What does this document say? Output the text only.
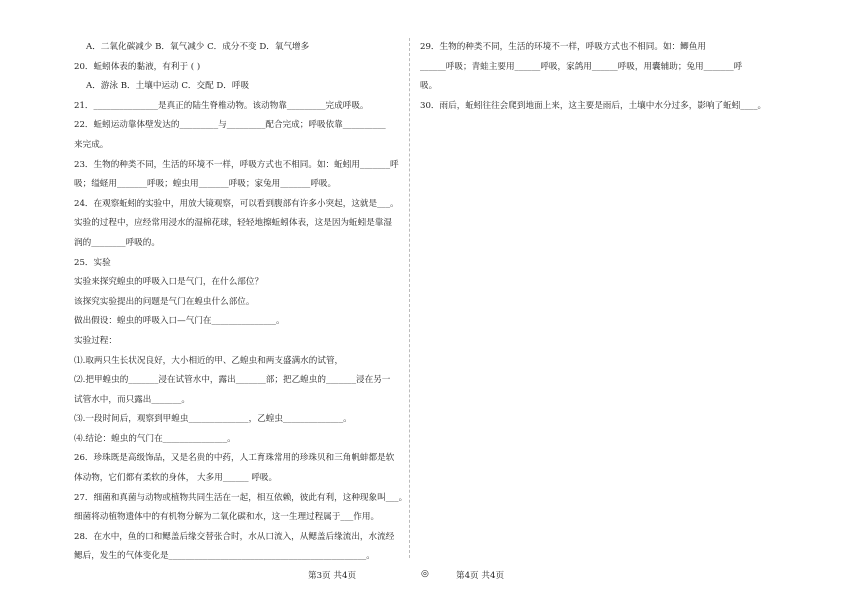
A．二氧化碳减少 B．氧气减少 C．成分不变 D．氧气增多
20．蚯蚓体表的黏液，有利于 ( )
A．游泳 B．土壤中运动 C．交配 D．呼吸
21．_______________是真正的陆生脊椎动物。该动物靠_________完成呼吸。
22．蚯蚓运动靠体壁发达的_________与_________配合完成；呼吸依靠__________
来完成。
23．生物的种类不同，生活的环境不一样，呼吸方式也不相同。如：蚯蚓用_______呼
吸；缢蛏用_______呼吸；蝗虫用_______呼吸；家兔用_______呼吸。
24．在观察蚯蚓的实验中，用放大镜观察，可以看到腹部有许多小突起，这就是___。
实验的过程中，应经常用浸水的湿棉花球，轻轻地擦蚯蚓体表，这是因为蚯蚓是靠湿
润的________呼吸的。
25．实验
实验来探究蝗虫的呼吸入口是气门，在什么部位？
该探究实验提出的问题是气门在蝗虫什么部位。
做出假设：蝗虫的呼吸入口—气门在_______________。
实验过程：
⑴.取两只生长状况良好，大小相近的甲、乙蝗虫和两支盛满水的试管，
⑵.把甲蝗虫的_______浸在试管水中，露出_______部；把乙蝗虫的_______浸在另一
试管水中，而只露出_______。
⑶.一段时间后，观察到甲蝗虫______________，乙蝗虫______________。
⑷.结论：蝗虫的气门在_______________。
26．珍珠既是高级饰品，又是名贵的中药，人工育珠常用的珍珠贝和三角帆蚌都是软
体动物，它们都有柔软的身体， 大多用______ 呼吸。
27．细菌和真菌与动物或植物共同生活在一起，相互依赖，彼此有利，这种现象叫___。
细菌将动植物遗体中的有机物分解为二氧化碳和水，这一生理过程属于___作用。
28．在水中，鱼的口和鳃盖后缘交替张合时，水从口流入，从鳃盖后缘流出，水流经
鳃后，发生的气体变化是______________________________________________。
29．生物的种类不同，生活的环境不一样，呼吸方式也不相同。如：鲫鱼用
______呼吸；青蛙主要用______呼吸，家鸽用______呼吸，用囊辅助；兔用_______呼
吸。
30．雨后，蚯蚓往往会爬到地面上来，这主要是雨后，土壤中水分过多，影响了蚯蚓____。
第3页 共4页	◎	第4页 共4页
